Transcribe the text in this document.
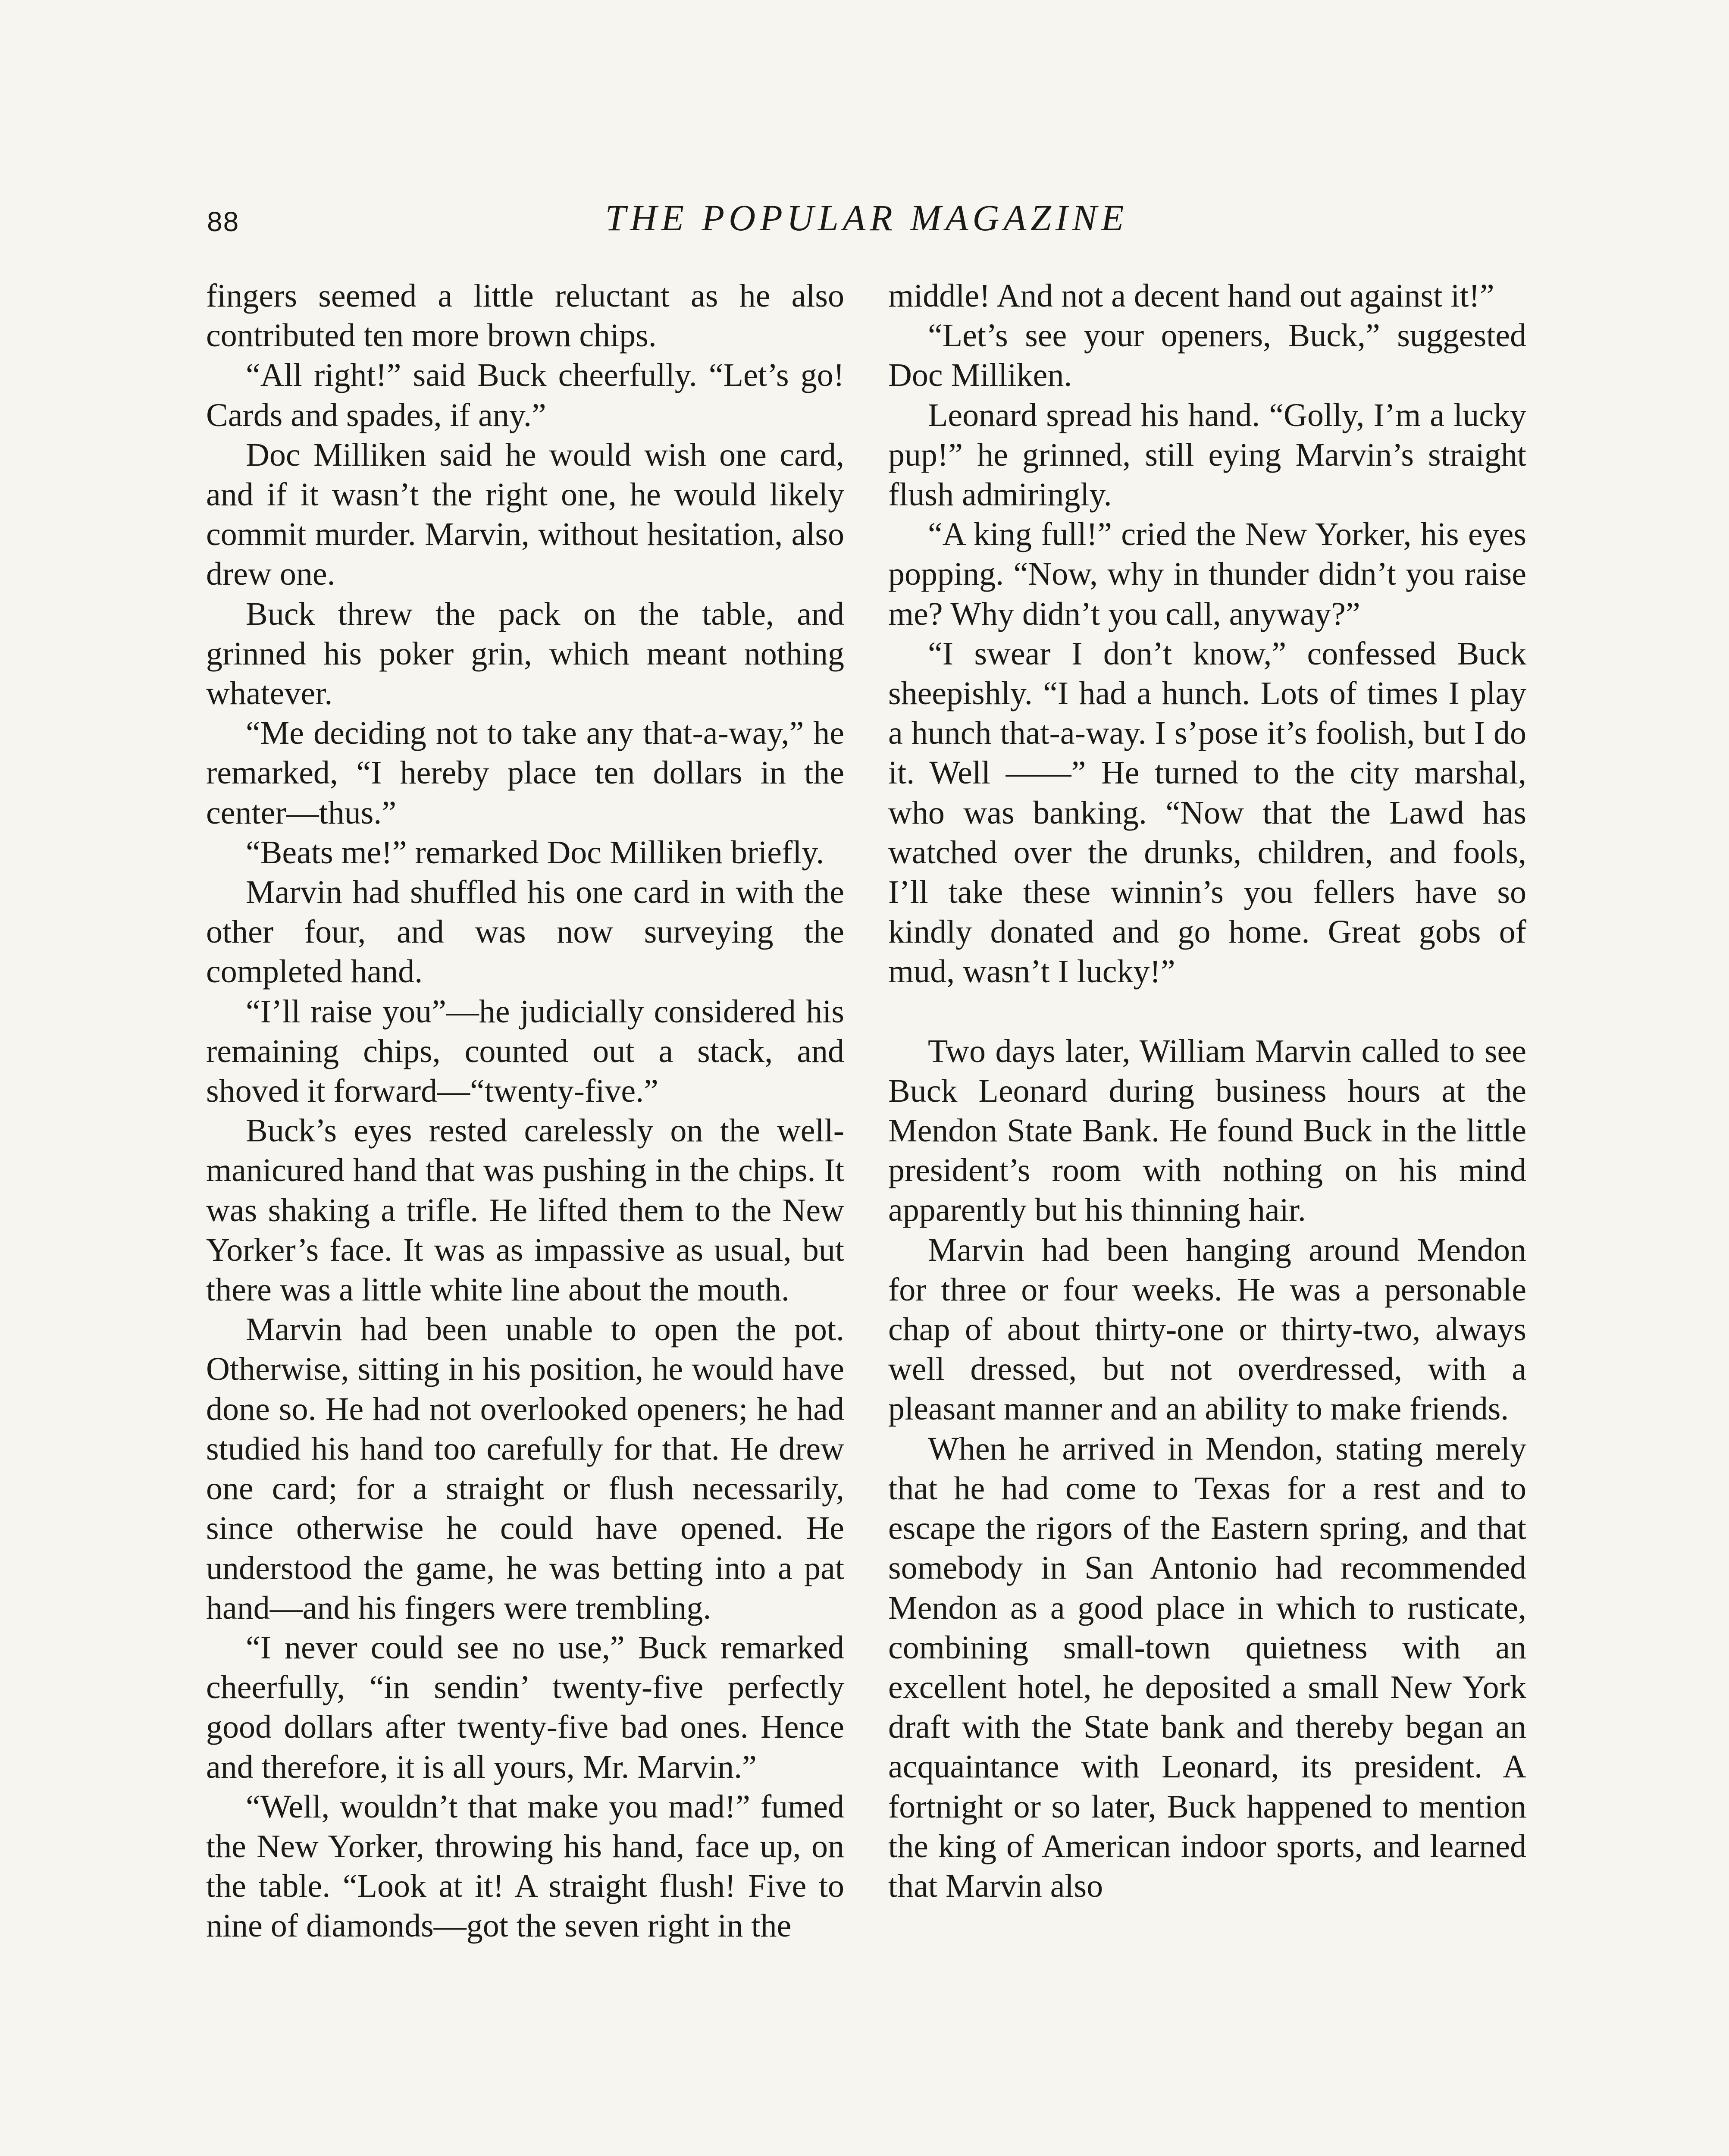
88	THE POPULAR MAGAZINE

fingers seemed a little reluctant as he also contributed ten more brown chips.

“All right!” said Buck cheerfully. “Let’s go! Cards and spades, if any.”

Doc Milliken said he would wish one card, and if it wasn’t the right one, he would likely commit murder. Marvin, without hesitation, also drew one.

Buck threw the pack on the table, and grinned his poker grin, which meant nothing whatever.

“Me deciding not to take any that-a-way,” he remarked, “I hereby place ten dollars in the center—thus.”

“Beats me!” remarked Doc Milliken briefly.

Marvin had shuffled his one card in with the other four, and was now surveying the completed hand.

“I’ll raise you”—he judicially considered his remaining chips, counted out a stack, and shoved it forward—“twenty-five.”

Buck’s eyes rested carelessly on the well-manicured hand that was pushing in the chips. It was shaking a trifle. He lifted them to the New Yorker’s face. It was as impassive as usual, but there was a little white line about the mouth.

Marvin had been unable to open the pot. Otherwise, sitting in his position, he would have done so. He had not overlooked openers; he had studied his hand too carefully for that. He drew one card; for a straight or flush necessarily, since otherwise he could have opened. He understood the game, he was betting into a pat hand—and his fingers were trembling.

“I never could see no use,” Buck remarked cheerfully, “in sendin’ twenty-five perfectly good dollars after twenty-five bad ones. Hence and therefore, it is all yours, Mr. Marvin.”

“Well, wouldn’t that make you mad!” fumed the New Yorker, throwing his hand, face up, on the table. “Look at it! A straight flush! Five to nine of diamonds—got the seven right in the

middle! And not a decent hand out against it!”

“Let’s see your openers, Buck,” suggested Doc Milliken.

Leonard spread his hand. “Golly, I’m a lucky pup!” he grinned, still eying Marvin’s straight flush admiringly.

“A king full!” cried the New Yorker, his eyes popping. “Now, why in thunder didn’t you raise me? Why didn’t you call, anyway?”

“I swear I don’t know,” confessed Buck sheepishly. “I had a hunch. Lots of times I play a hunch that-a-way. I s’pose it’s foolish, but I do it. Well ——” He turned to the city marshal, who was banking. “Now that the Lawd has watched over the drunks, children, and fools, I’ll take these winnin’s you fellers have so kindly donated and go home. Great gobs of mud, wasn’t I lucky!”

Two days later, William Marvin called to see Buck Leonard during business hours at the Mendon State Bank. He found Buck in the little president’s room with nothing on his mind apparently but his thinning hair.

Marvin had been hanging around Mendon for three or four weeks. He was a personable chap of about thirty-one or thirty-two, always well dressed, but not overdressed, with a pleasant manner and an ability to make friends.

When he arrived in Mendon, stating merely that he had come to Texas for a rest and to escape the rigors of the Eastern spring, and that somebody in San Antonio had recommended Mendon as a good place in which to rusticate, combining small-town quietness with an excellent hotel, he deposited a small New York draft with the State bank and thereby began an acquaintance with Leonard, its president. A fortnight or so later, Buck happened to mention the king of American indoor sports, and learned that Marvin also
